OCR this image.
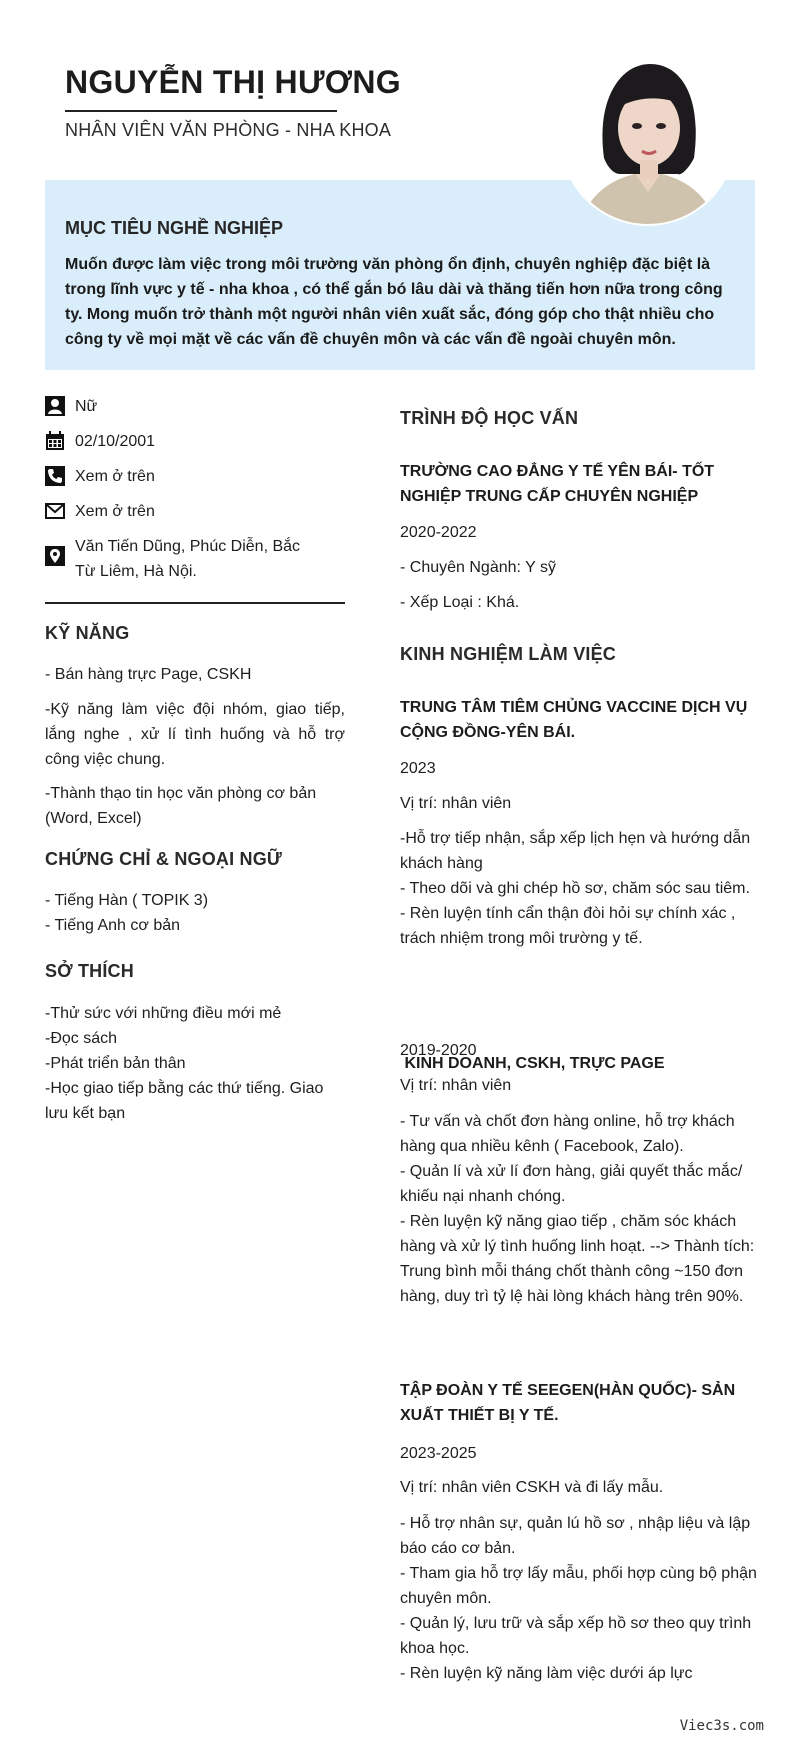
NGUYỄN THỊ HƯƠNG
NHÂN VIÊN VĂN PHÒNG - NHA KHOA
MỤC TIÊU NGHỀ NGHIỆP
Muốn được làm việc trong môi trường văn phòng ổn định, chuyên nghiệp đặc biệt là
trong lĩnh vực y tế - nha khoa , có thể gắn bó lâu dài và thăng tiến hơn nữa trong công
ty. Mong muốn trở thành một người nhân viên xuất sắc, đóng góp cho thật nhiều cho
công ty về mọi mặt về các vấn đề chuyên môn và các vấn đề ngoài chuyên môn.
Nữ
02/10/2001
Xem ở trên
Xem ở trên
Văn Tiến Dũng, Phúc Diễn, Bắc
Từ Liêm, Hà Nội.
KỸ NĂNG
- Bán hàng trực Page, CSKH
-Kỹ năng làm việc đội nhóm, giao tiếp, lắng nghe , xử lí tình huống và hỗ trợ công việc chung.
-Thành thạo tin học văn phòng cơ bản (Word, Excel)
CHỨNG CHỈ & NGOẠI NGỮ
- Tiếng Hàn ( TOPIK 3)
- Tiếng Anh cơ bản
SỞ THÍCH
-Thử sức với những điều mới mẻ
-Đọc sách
-Phát triển bản thân
-Học giao tiếp bằng các thứ tiếng. Giao lưu kết bạn
TRÌNH ĐỘ HỌC VẤN
TRƯỜNG CAO ĐẲNG Y TẾ YÊN BÁI- TỐT
NGHIỆP TRUNG CẤP CHUYÊN NGHIỆP
2020-2022
- Chuyên Ngành: Y sỹ
- Xếp Loại : Khá.
KINH NGHIỆM LÀM VIỆC
TRUNG TÂM TIÊM CHỦNG VACCINE DỊCH VỤ
CỘNG ĐỒNG-YÊN BÁI.
2023
Vị trí: nhân viên
-Hỗ trợ tiếp nhận, sắp xếp lịch hẹn và hướng dẫn khách hàng
- Theo dõi và ghi chép hồ sơ, chăm sóc sau tiêm.
- Rèn luyện tính cẩn thận đòi hỏi sự chính xác , trách nhiệm trong môi trường y tế.

KINH DOANH, CSKH, TRỰC PAGE

2019-2020
Vị trí: nhân viên
- Tư vấn và chốt đơn hàng online, hỗ trợ khách hàng qua nhiều kênh ( Facebook, Zalo).
- Quản lí và xử lí đơn hàng, giải quyết thắc mắc/ khiếu nại nhanh chóng.
- Rèn luyện kỹ năng giao tiếp , chăm sóc khách hàng và xử lý tình huống linh hoạt. --> Thành tích: Trung bình mỗi tháng chốt thành công ~150 đơn hàng, duy trì tỷ lệ hài lòng khách hàng trên 90%.
TẬP ĐOÀN Y TẾ SEEGEN(HÀN QUỐC)- SẢN
XUẤT THIẾT BỊ Y TẾ.
2023-2025
Vị trí: nhân viên CSKH và đi lấy mẫu.
- Hỗ trợ nhân sự, quản lú hồ sơ , nhập liệu và lập báo cáo cơ bản.
- Tham gia hỗ trợ lấy mẫu, phối hợp cùng bộ phận chuyên môn.
- Quản lý, lưu trữ và sắp xếp hồ sơ theo quy trình khoa học.
- Rèn luyện kỹ năng làm việc dưới áp lực
Viec3s.com
